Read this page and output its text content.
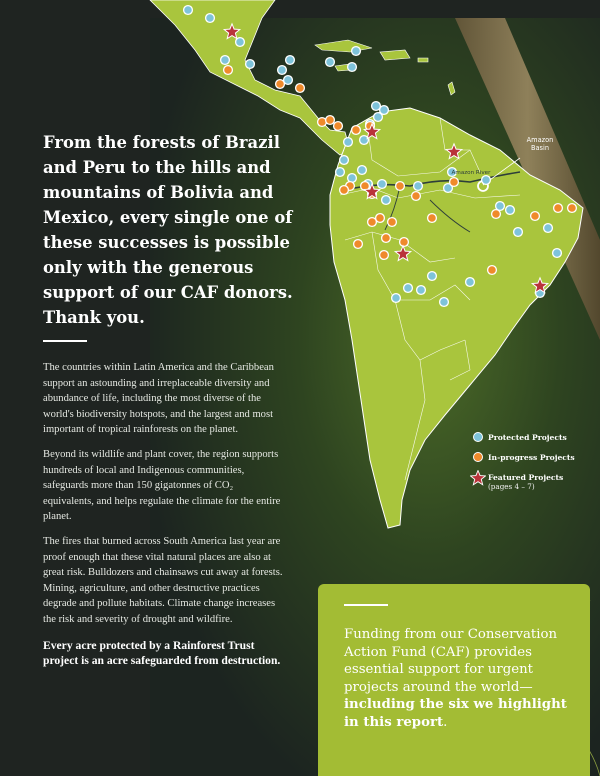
Amazon Basin
Amazon River
From the forests of Brazil and Peru to the hills and mountains of Bolivia and Mexico, every single one of these successes is possible only with the generous support of our CAF donors. Thank you.

The countries within Latin America and the Caribbean support an astounding and irreplaceable diversity and abundance of life, including the most diverse of the world's biodiversity hotspots, and the largest and most important of tropical rainforests on the planet.

Beyond its wildlife and plant cover, the region supports hundreds of local and Indigenous communities, safeguards more than 150 gigatonnes of CO₂ equivalents, and helps regulate the climate for the entire planet.

The fires that burned across South America last year are proof enough that these vital natural places are also at great risk. Bulldozers and chainsaws cut away at forests. Mining, agriculture, and other destructive practices degrade and pollute habitats. Climate change increases the risk and severity of drought and wildfire.

Every acre protected by a Rainforest Trust project is an acre safeguarded from destruction.

Protected Projects
In-progress Projects
Featured Projects
(pages 4 – 7)

Funding from our Conservation Action Fund (CAF) provides essential support for urgent projects around the world—including the six we highlight in this report.
